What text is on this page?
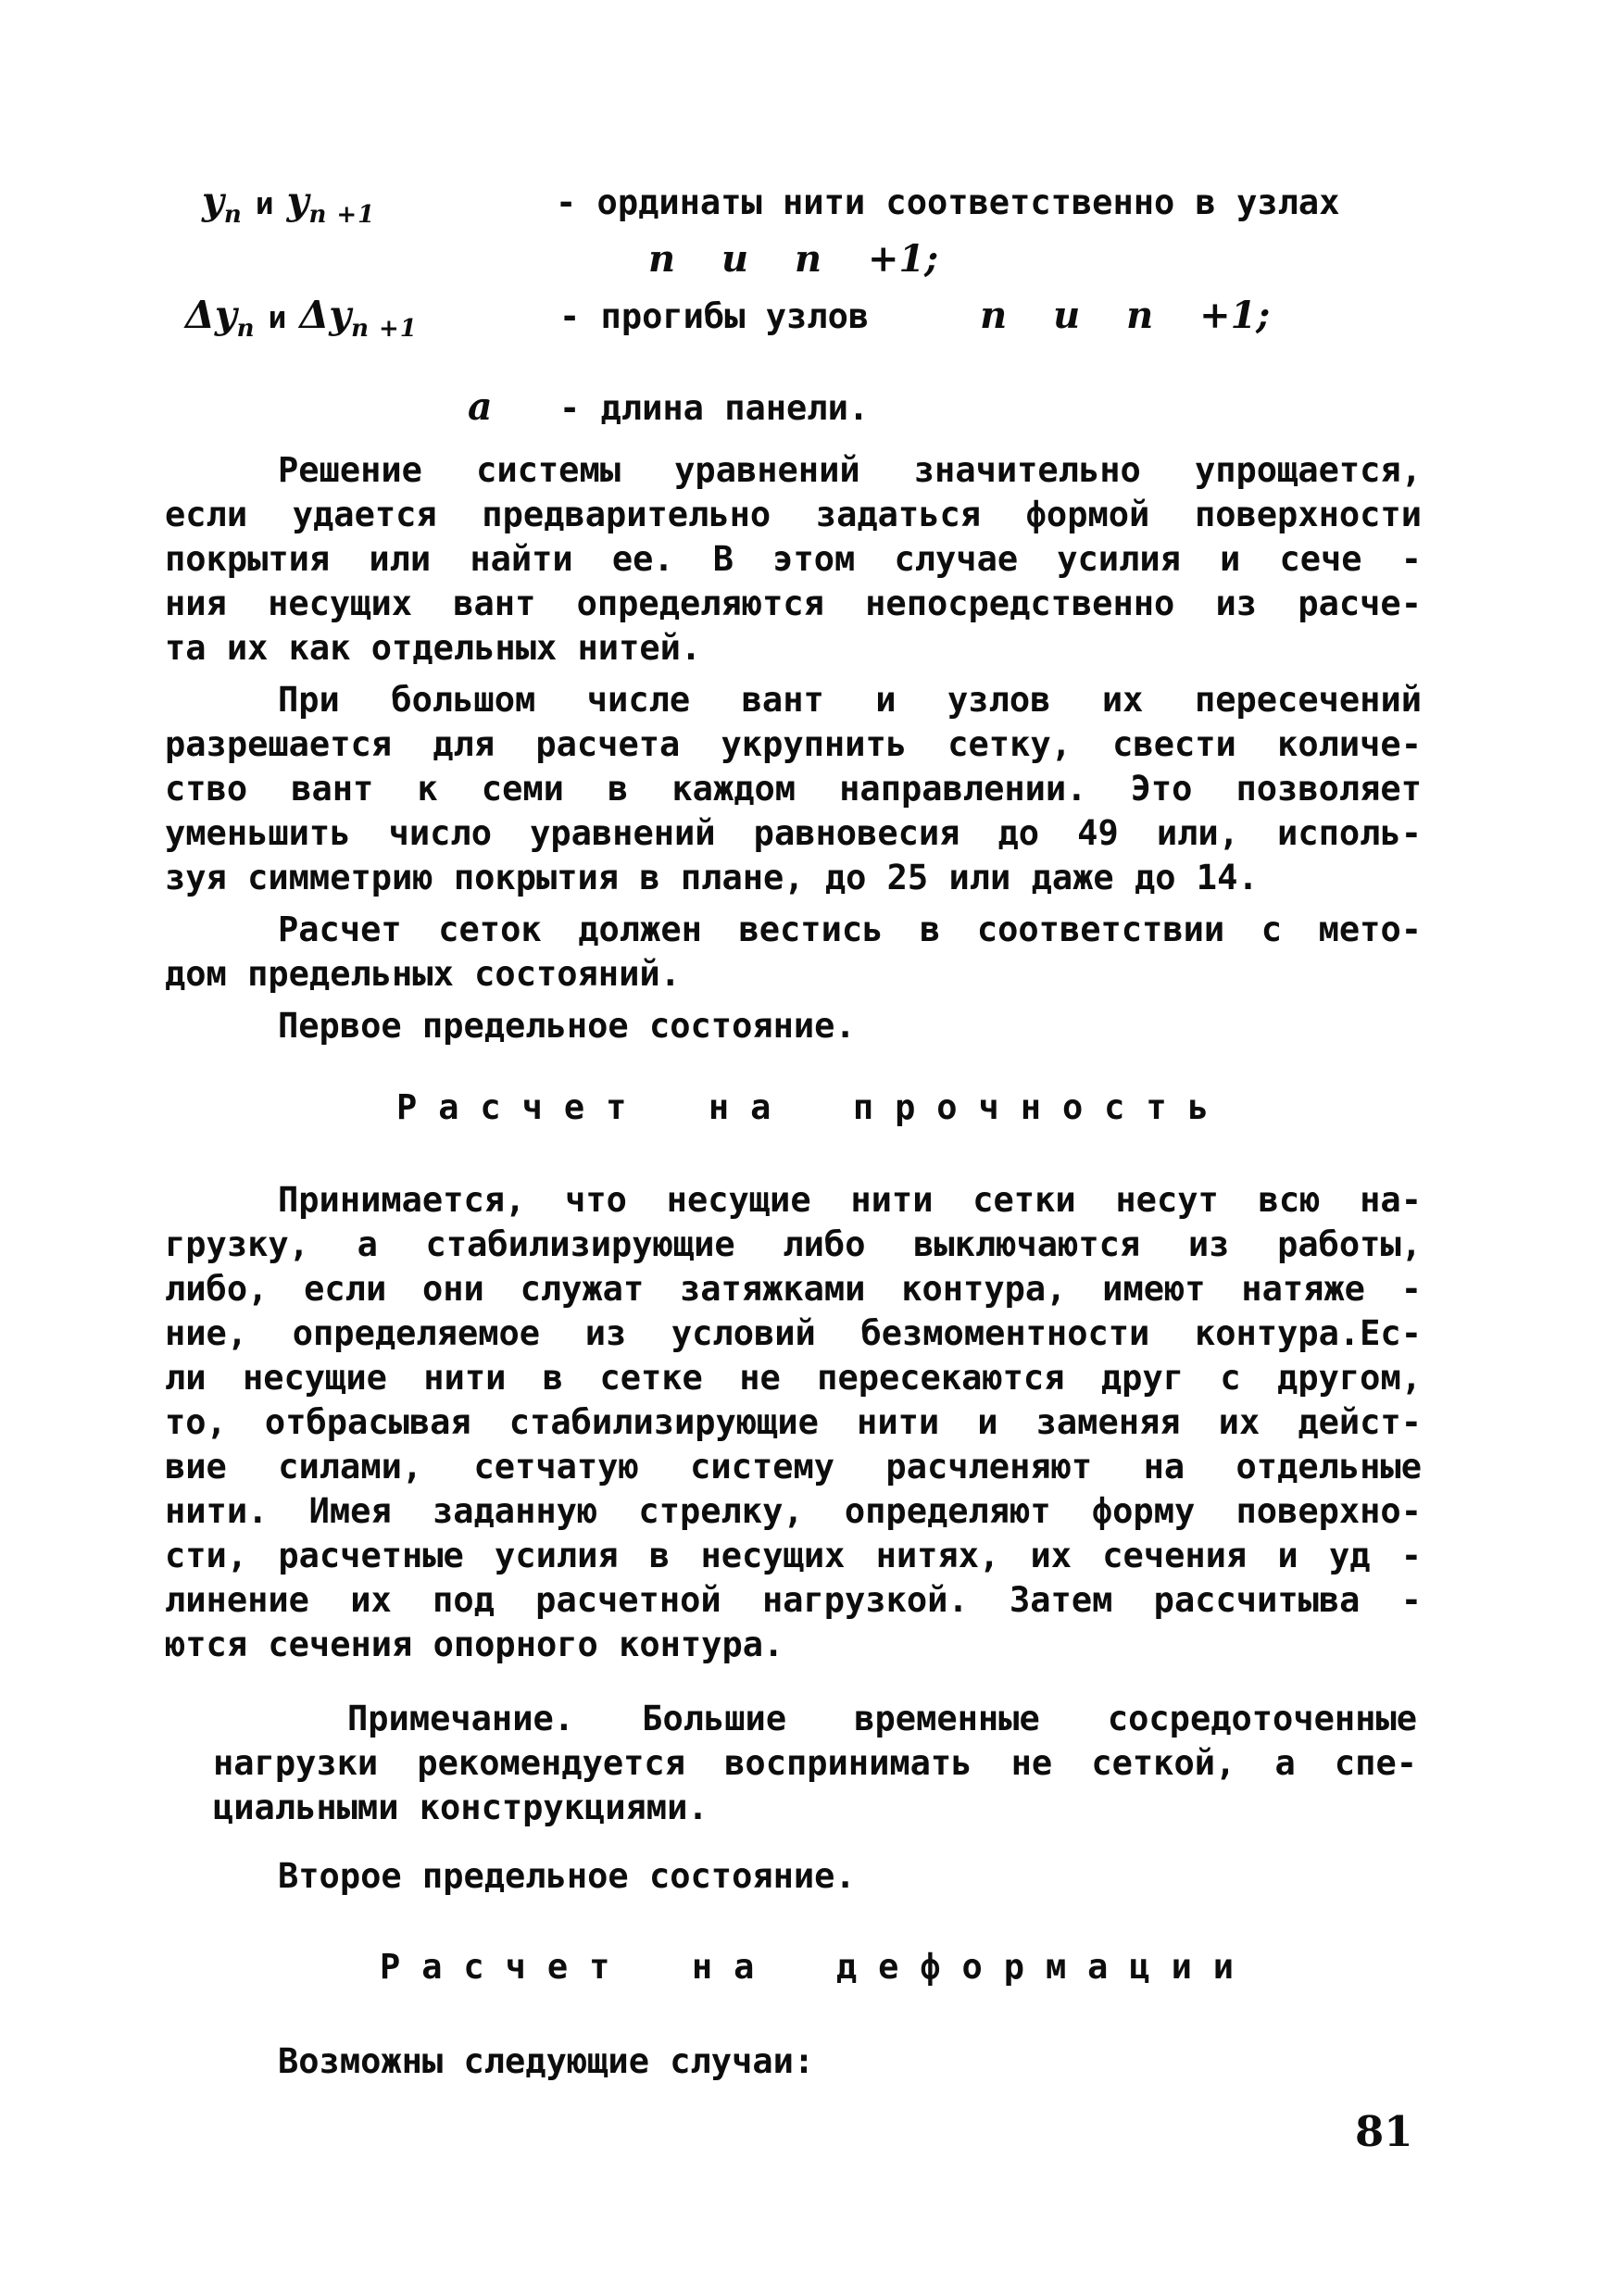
$y_n$ и $y_{n +1}$	- ординаты нити соответственно в узлах
n и n +1;
$\Delta y_n$ и $\Delta y_{n +1}$	- прогибы узлов	n и n +1;
a	- длина панели.
Решение системы уравнений значительно упрощается,
если удается предварительно задаться формой поверхности
покрытия или найти ее. В этом случае усилия и сече -
ния несущих вант определяются непосредственно из расче-
та их как отдельных нитей.
При большом числе вант и узлов их пересечений
разрешается для расчета укрупнить сетку, свести количе-
ство вант к семи в каждом направлении. Это позволяет
уменьшить число уравнений равновесия до 49 или, исполь-
зуя симметрию покрытия в плане, до 25 или даже до 14.
Расчет сеток должен вестись в соответствии с мето-
дом предельных состояний.
Первое предельное состояние.
Расчет на прочность
Принимается, что несущие нити сетки несут всю на-
грузку, а стабилизирующие либо выключаются из работы,
либо, если они служат затяжками контура, имеют натяже -
ние, определяемое из условий безмоментности контура.Ес-
ли несущие нити в сетке не пересекаются друг с другом,
то, отбрасывая стабилизирующие нити и заменяя их дейст-
вие силами, сетчатую систему расчленяют на отдельные
нити. Имея заданную стрелку, определяют форму поверхно-
сти, расчетные усилия в несущих нитях, их сечения и уд -
линение их под расчетной нагрузкой. Затем рассчитыва -
ются сечения опорного контура.
Примечание. Большие временные сосредоточенные
нагрузки рекомендуется воспринимать не сеткой, а спе-
циальными конструкциями.
Второе предельное состояние.
Расчет на деформации
Возможны следующие случаи:
81
